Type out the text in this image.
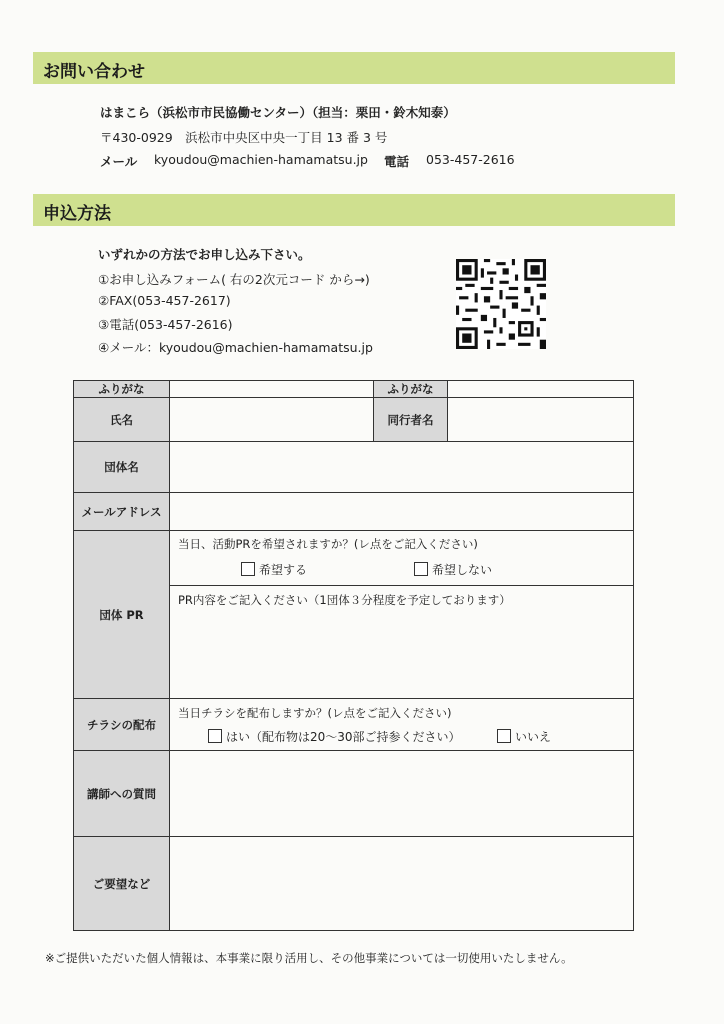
お問い合わせ
はまこら（浜松市市民協働センター）（担当：栗田・鈴木知泰）
〒430-0929　浜松市中央区中央一丁目 13 番 3 号
メール kyoudou@machien-hamamatsu.jp 電話 053-457-2616
申込方法
いずれかの方法でお申し込み下さい。
①お申し込みフォーム( 右の2次元コード から→)
②FAX(053-457-2617)
③電話(053-457-2616)
④メール：kyoudou@machien-hamamatsu.jp
ふりがな		ふりがな	
氏名		同行者名	
団体名			
メールアドレス			
団体 PR	当日、活動PRを希望されますか？(レ点をご記入ください)
希望する 希望しない		

	PR内容をご記入ください（1団体３分程度を予定しております）		

チラシの配布	当日チラシを配布しますか？(レ点をご記入ください)
はい（配布物は20～30部ご持参ください） いいえ		

講師への質問			
ご要望など			
※ご提供いただいた個人情報は、本事業に限り活用し、その他事業については一切使用いたしません。
